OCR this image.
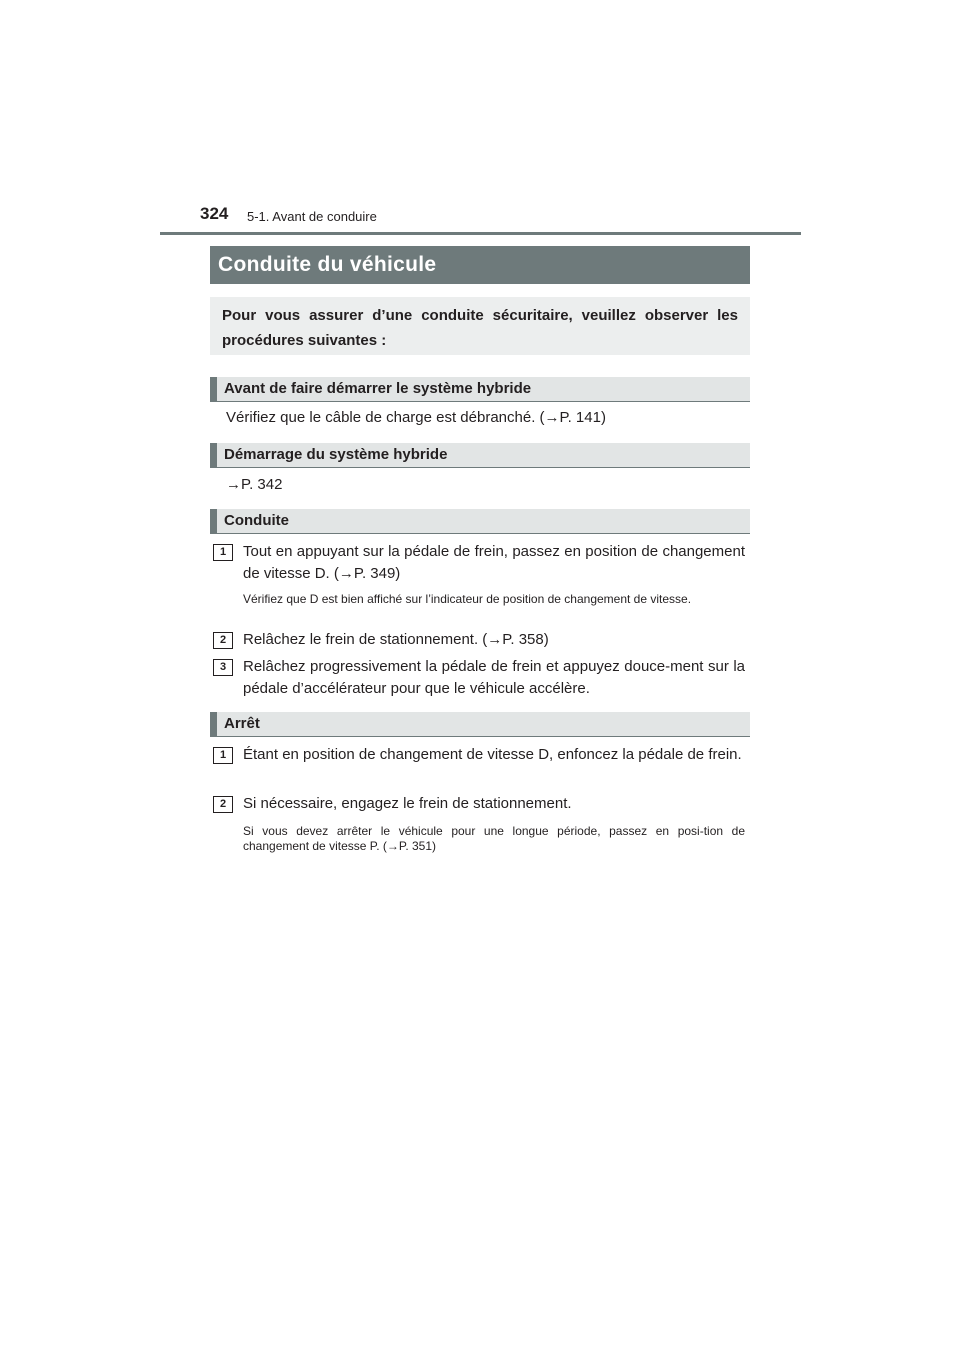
324 5-1. Avant de conduire
Conduite du véhicule
Pour vous assurer d’une conduite sécuritaire, veuillez observer les procédures suivantes :
Avant de faire démarrer le système hybride
Vérifiez que le câble de charge est débranché. (→P. 141)
Démarrage du système hybride
→P. 342
Conduite
1	Tout en appuyant sur la pédale de frein, passez en position de changement de vitesse D. (→P. 349)
Vérifiez que D est bien affiché sur l’indicateur de position de changement de vitesse.
2	Relâchez le frein de stationnement. (→P. 358)
3	Relâchez progressivement la pédale de frein et appuyez douce-ment sur la pédale d’accélérateur pour que le véhicule accélère.
Arrêt
1	Étant en position de changement de vitesse D, enfoncez la pédale de frein.
2	Si nécessaire, engagez le frein de stationnement.
Si vous devez arrêter le véhicule pour une longue période, passez en posi-tion de changement de vitesse P. (→P. 351)
